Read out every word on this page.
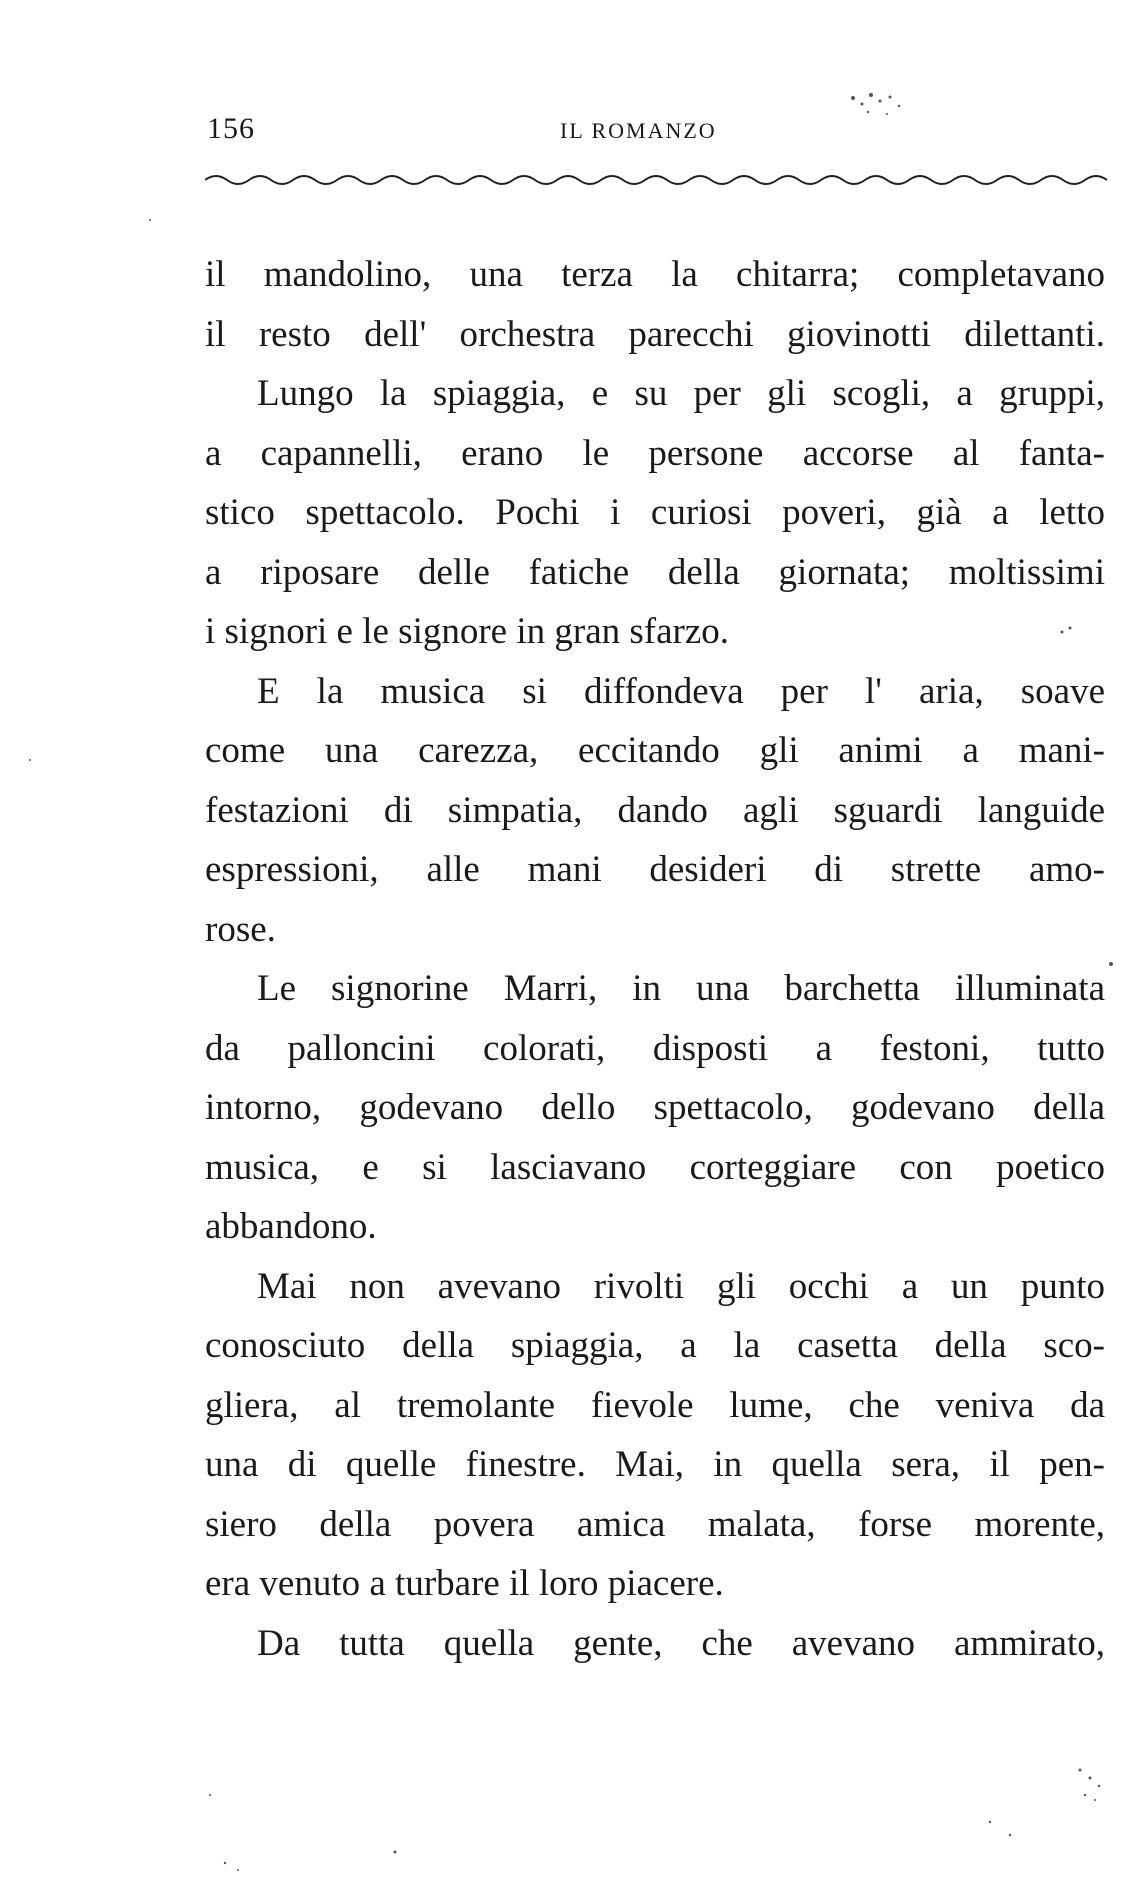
156	IL ROMANZO
il mandolino, una terza la chitarra; completavano
il resto dell' orchestra parecchi giovinotti dilettanti.
Lungo la spiaggia, e su per gli scogli, a gruppi,
a capannelli, erano le persone accorse al fanta-
stico spettacolo. Pochi i curiosi poveri, già a letto
a riposare delle fatiche della giornata; moltissimi
i signori e le signore in gran sfarzo.
E la musica si diffondeva per l' aria, soave
come una carezza, eccitando gli animi a mani-
festazioni di simpatia, dando agli sguardi languide
espressioni, alle mani desideri di strette amo-
rose.
Le signorine Marri, in una barchetta illuminata
da palloncini colorati, disposti a festoni, tutto
intorno, godevano dello spettacolo, godevano della
musica, e si lasciavano corteggiare con poetico
abbandono.
Mai non avevano rivolti gli occhi a un punto
conosciuto della spiaggia, a la casetta della sco-
gliera, al tremolante fievole lume, che veniva da
una di quelle finestre. Mai, in quella sera, il pen-
siero della povera amica malata, forse morente,
era venuto a turbare il loro piacere.
Da tutta quella gente, che avevano ammirato,
